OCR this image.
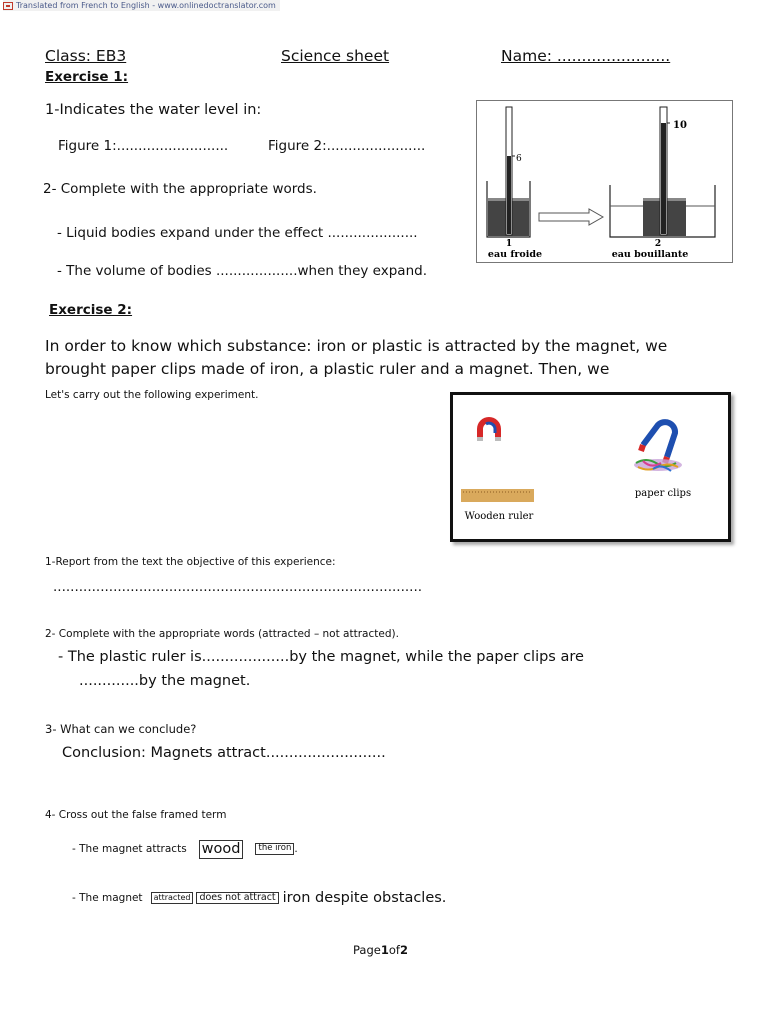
Translated from French to English - www.onlinedoctranslator.com
Class: EB3	Science sheet	Name: .......................
Exercise 1:
1-Indicates the water level in:
Figure 1:..........................	Figure 2:.......................
2- Complete with the appropriate words.
- Liquid bodies expand under the effect .....................
- The volume of bodies ...................when they expand.
6
10
1
eau froide
2
eau bouillante
Exercise 2:
In order to know which substance: iron or plastic is attracted by the magnet, we
brought paper clips made of iron, a plastic ruler and a magnet. Then, we
Let's carry out the following experiment.
paper clips
Wooden ruler
1-Report from the text the objective of this experience:
......................................................................................
2- Complete with the appropriate words (attracted – not attracted).
- The plastic ruler is...................by the magnet, while the paper clips are
.............by the magnet.
3- What can we conclude?
Conclusion: Magnets attract..........................
4- Cross out the false framed term
- The magnet attracts wood	the iron .
- The magnet	attracted does not attract iron despite obstacles.
Page1of2
